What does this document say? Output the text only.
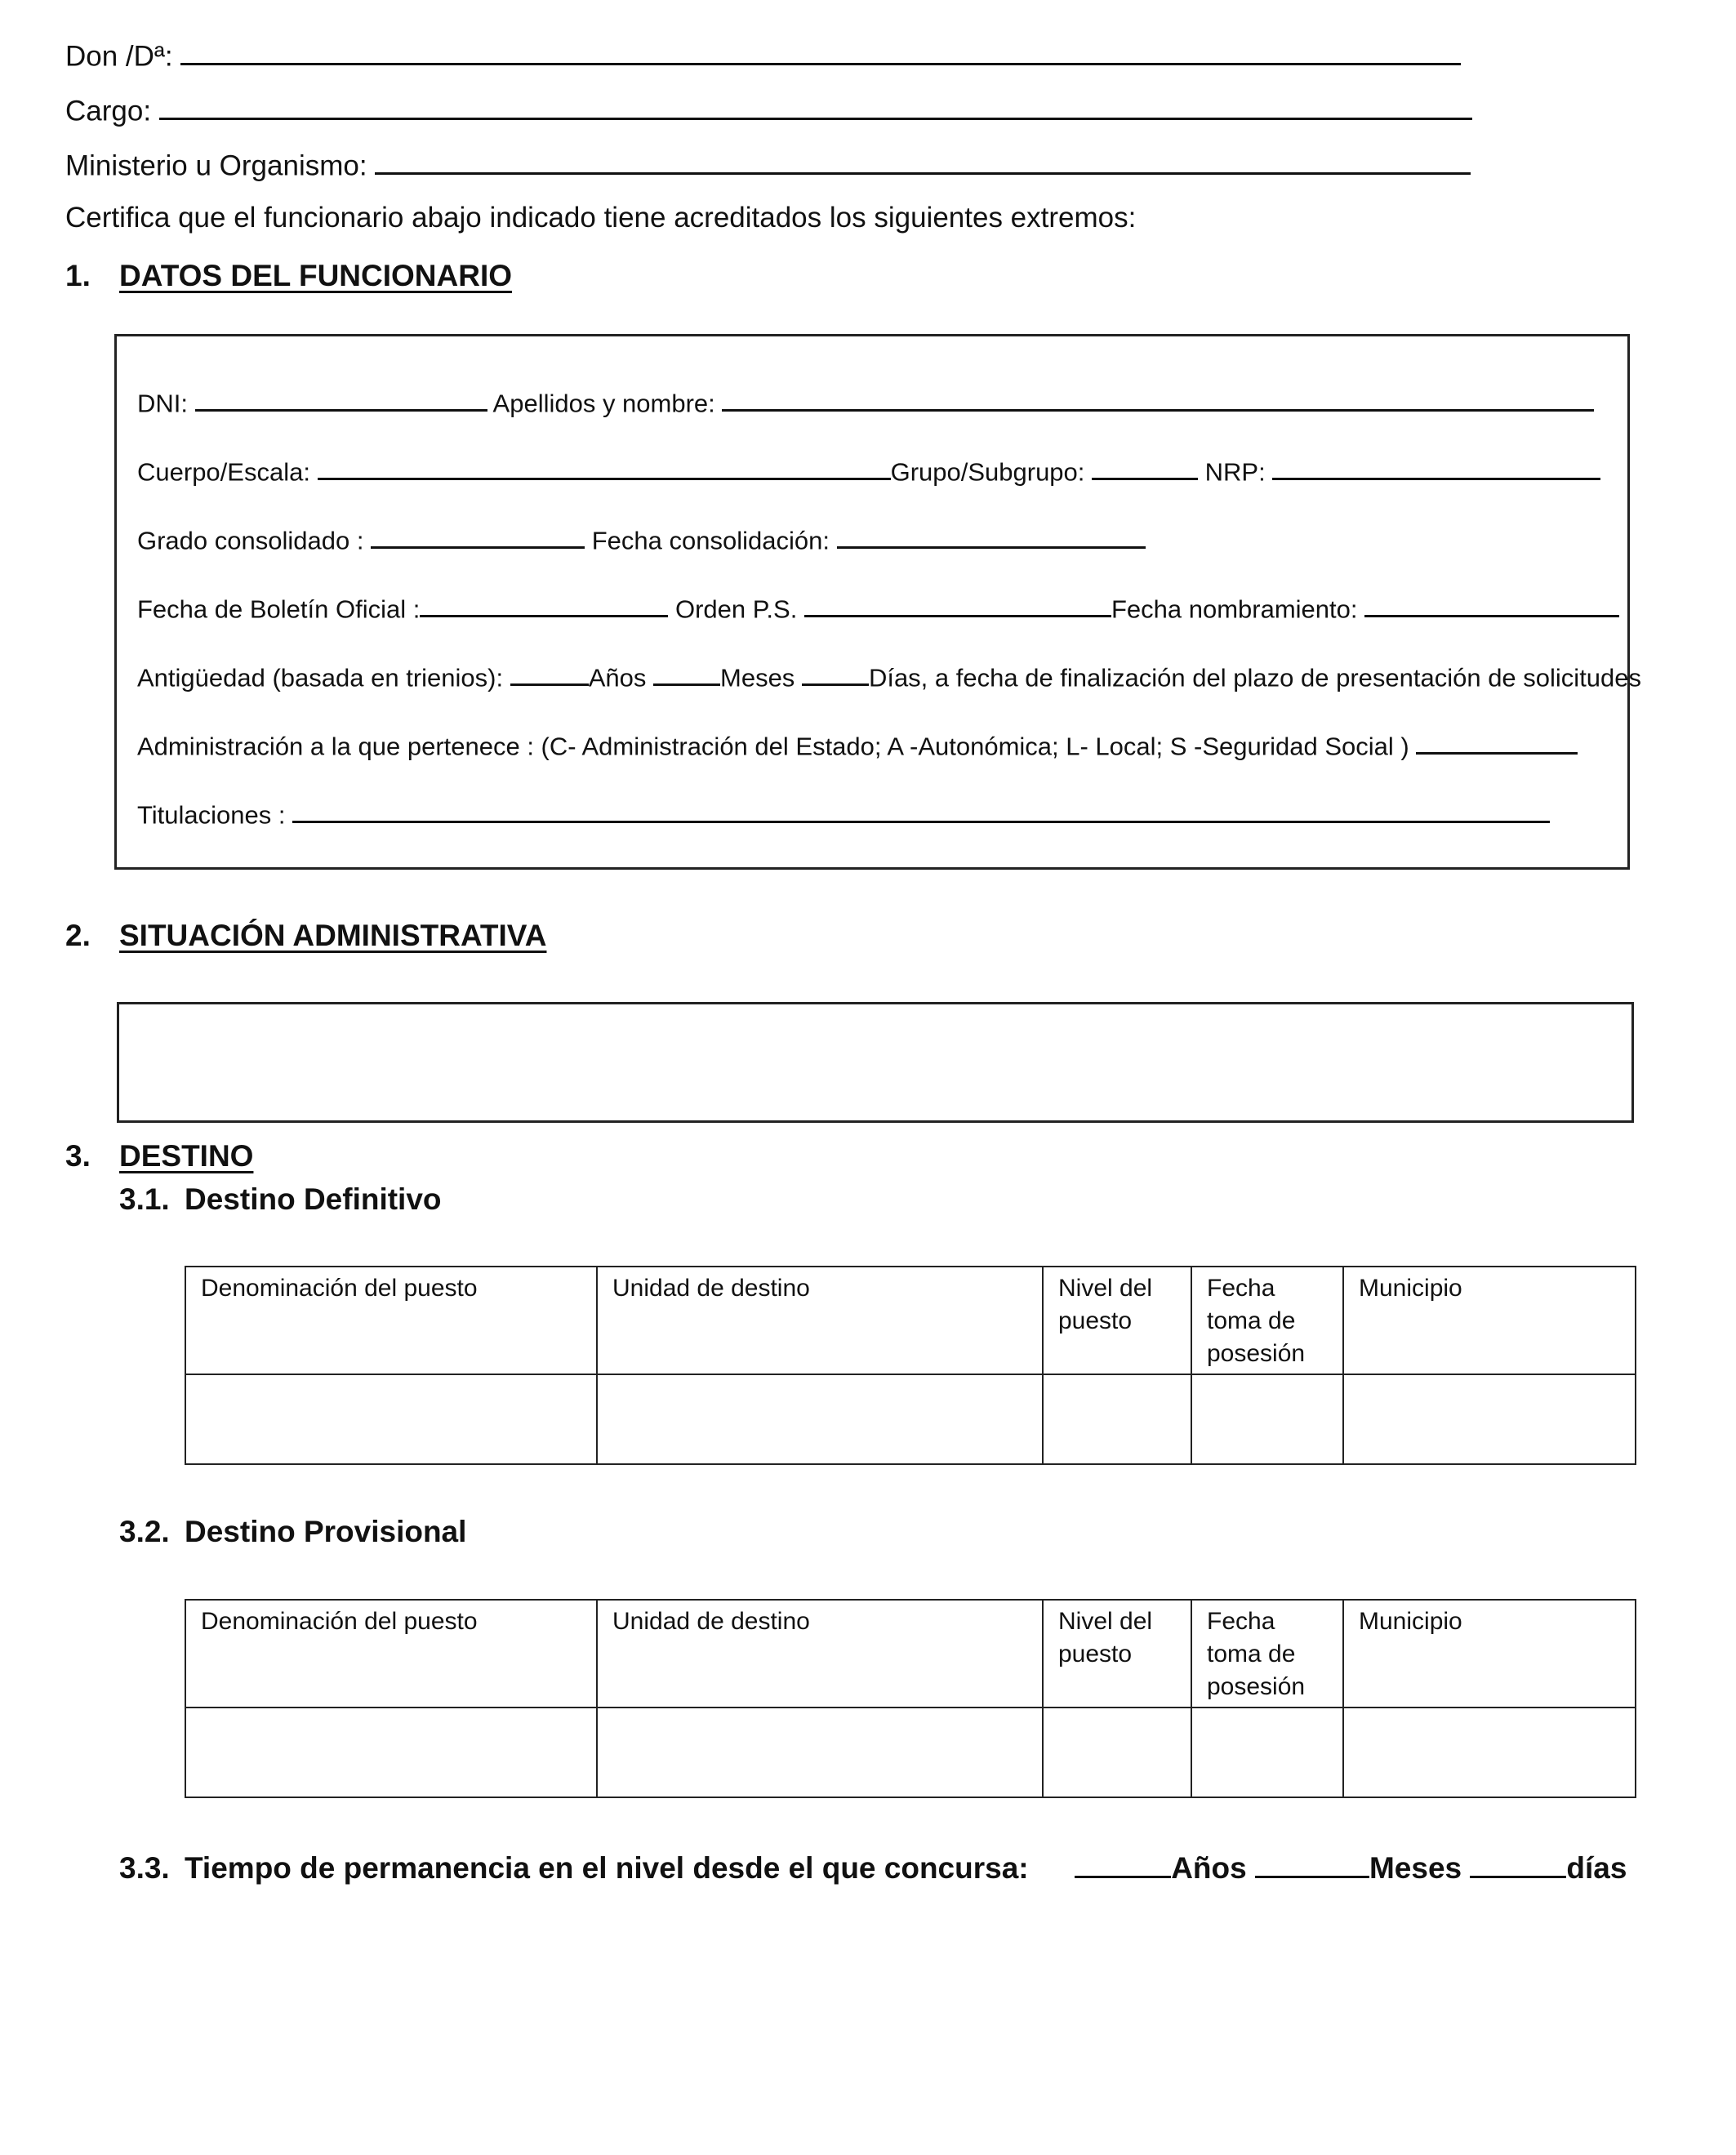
Don /Dª:
Cargo:
Ministerio u Organismo:
Certifica que el funcionario abajo indicado tiene acreditados los siguientes extremos:
1. DATOS DEL FUNCIONARIO
DNI:	Apellidos y nombre:
Cuerpo/Escala:	Grupo/Subgrupo:	NRP:
Grado consolidado :	Fecha consolidación:
Fecha de Boletín Oficial :	Orden P.S.	Fecha nombramiento:
Antigüedad (basada en trienios):	Años	Meses	Días, a fecha de finalización del plazo de presentación de solicitudes
Administración a la que pertenece : (C- Administración del Estado; A -Autonómica; L- Local; S -Seguridad Social )
Titulaciones :
2. SITUACIÓN ADMINISTRATIVA
3. DESTINO
3.1. Destino Definitivo
Denominación del puesto	Unidad de destino	Nivel del puesto	Fecha toma de posesión	Municipio

3.2. Destino Provisional
Denominación del puesto	Unidad de destino	Nivel del puesto	Fecha toma de posesión	Municipio

3.3. Tiempo de permanencia en el nivel desde el que concursa:	Años	Meses	días
